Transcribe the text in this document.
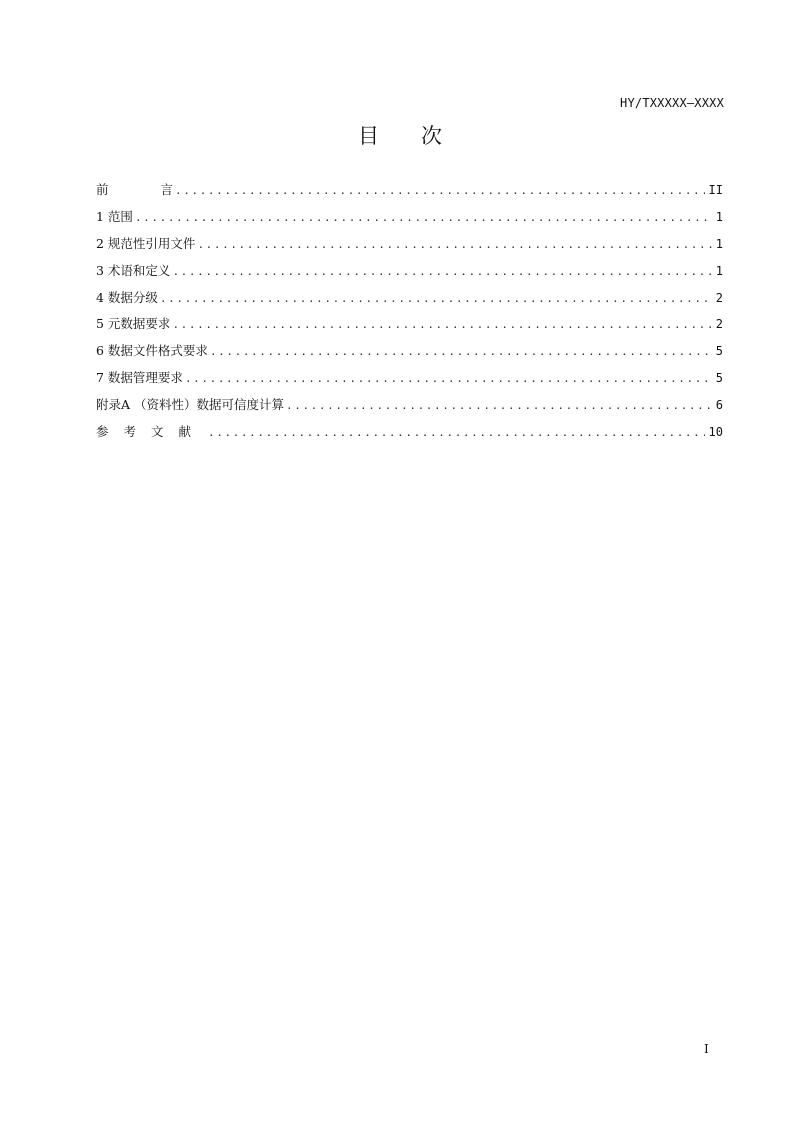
HY/TXXXXX—XXXX
目 次
前	言 .....	II
1 范围 .....	1
2 规范性引用文件 .....	1
3 术语和定义 .....	1
4 数据分级 .....	2
5 元数据要求 .....	2
6 数据文件格式要求 .....	5
7 数据管理要求 .....	5
附录A （资料性）数据可信度计算 .....	6
参考文献 .....	10
I
